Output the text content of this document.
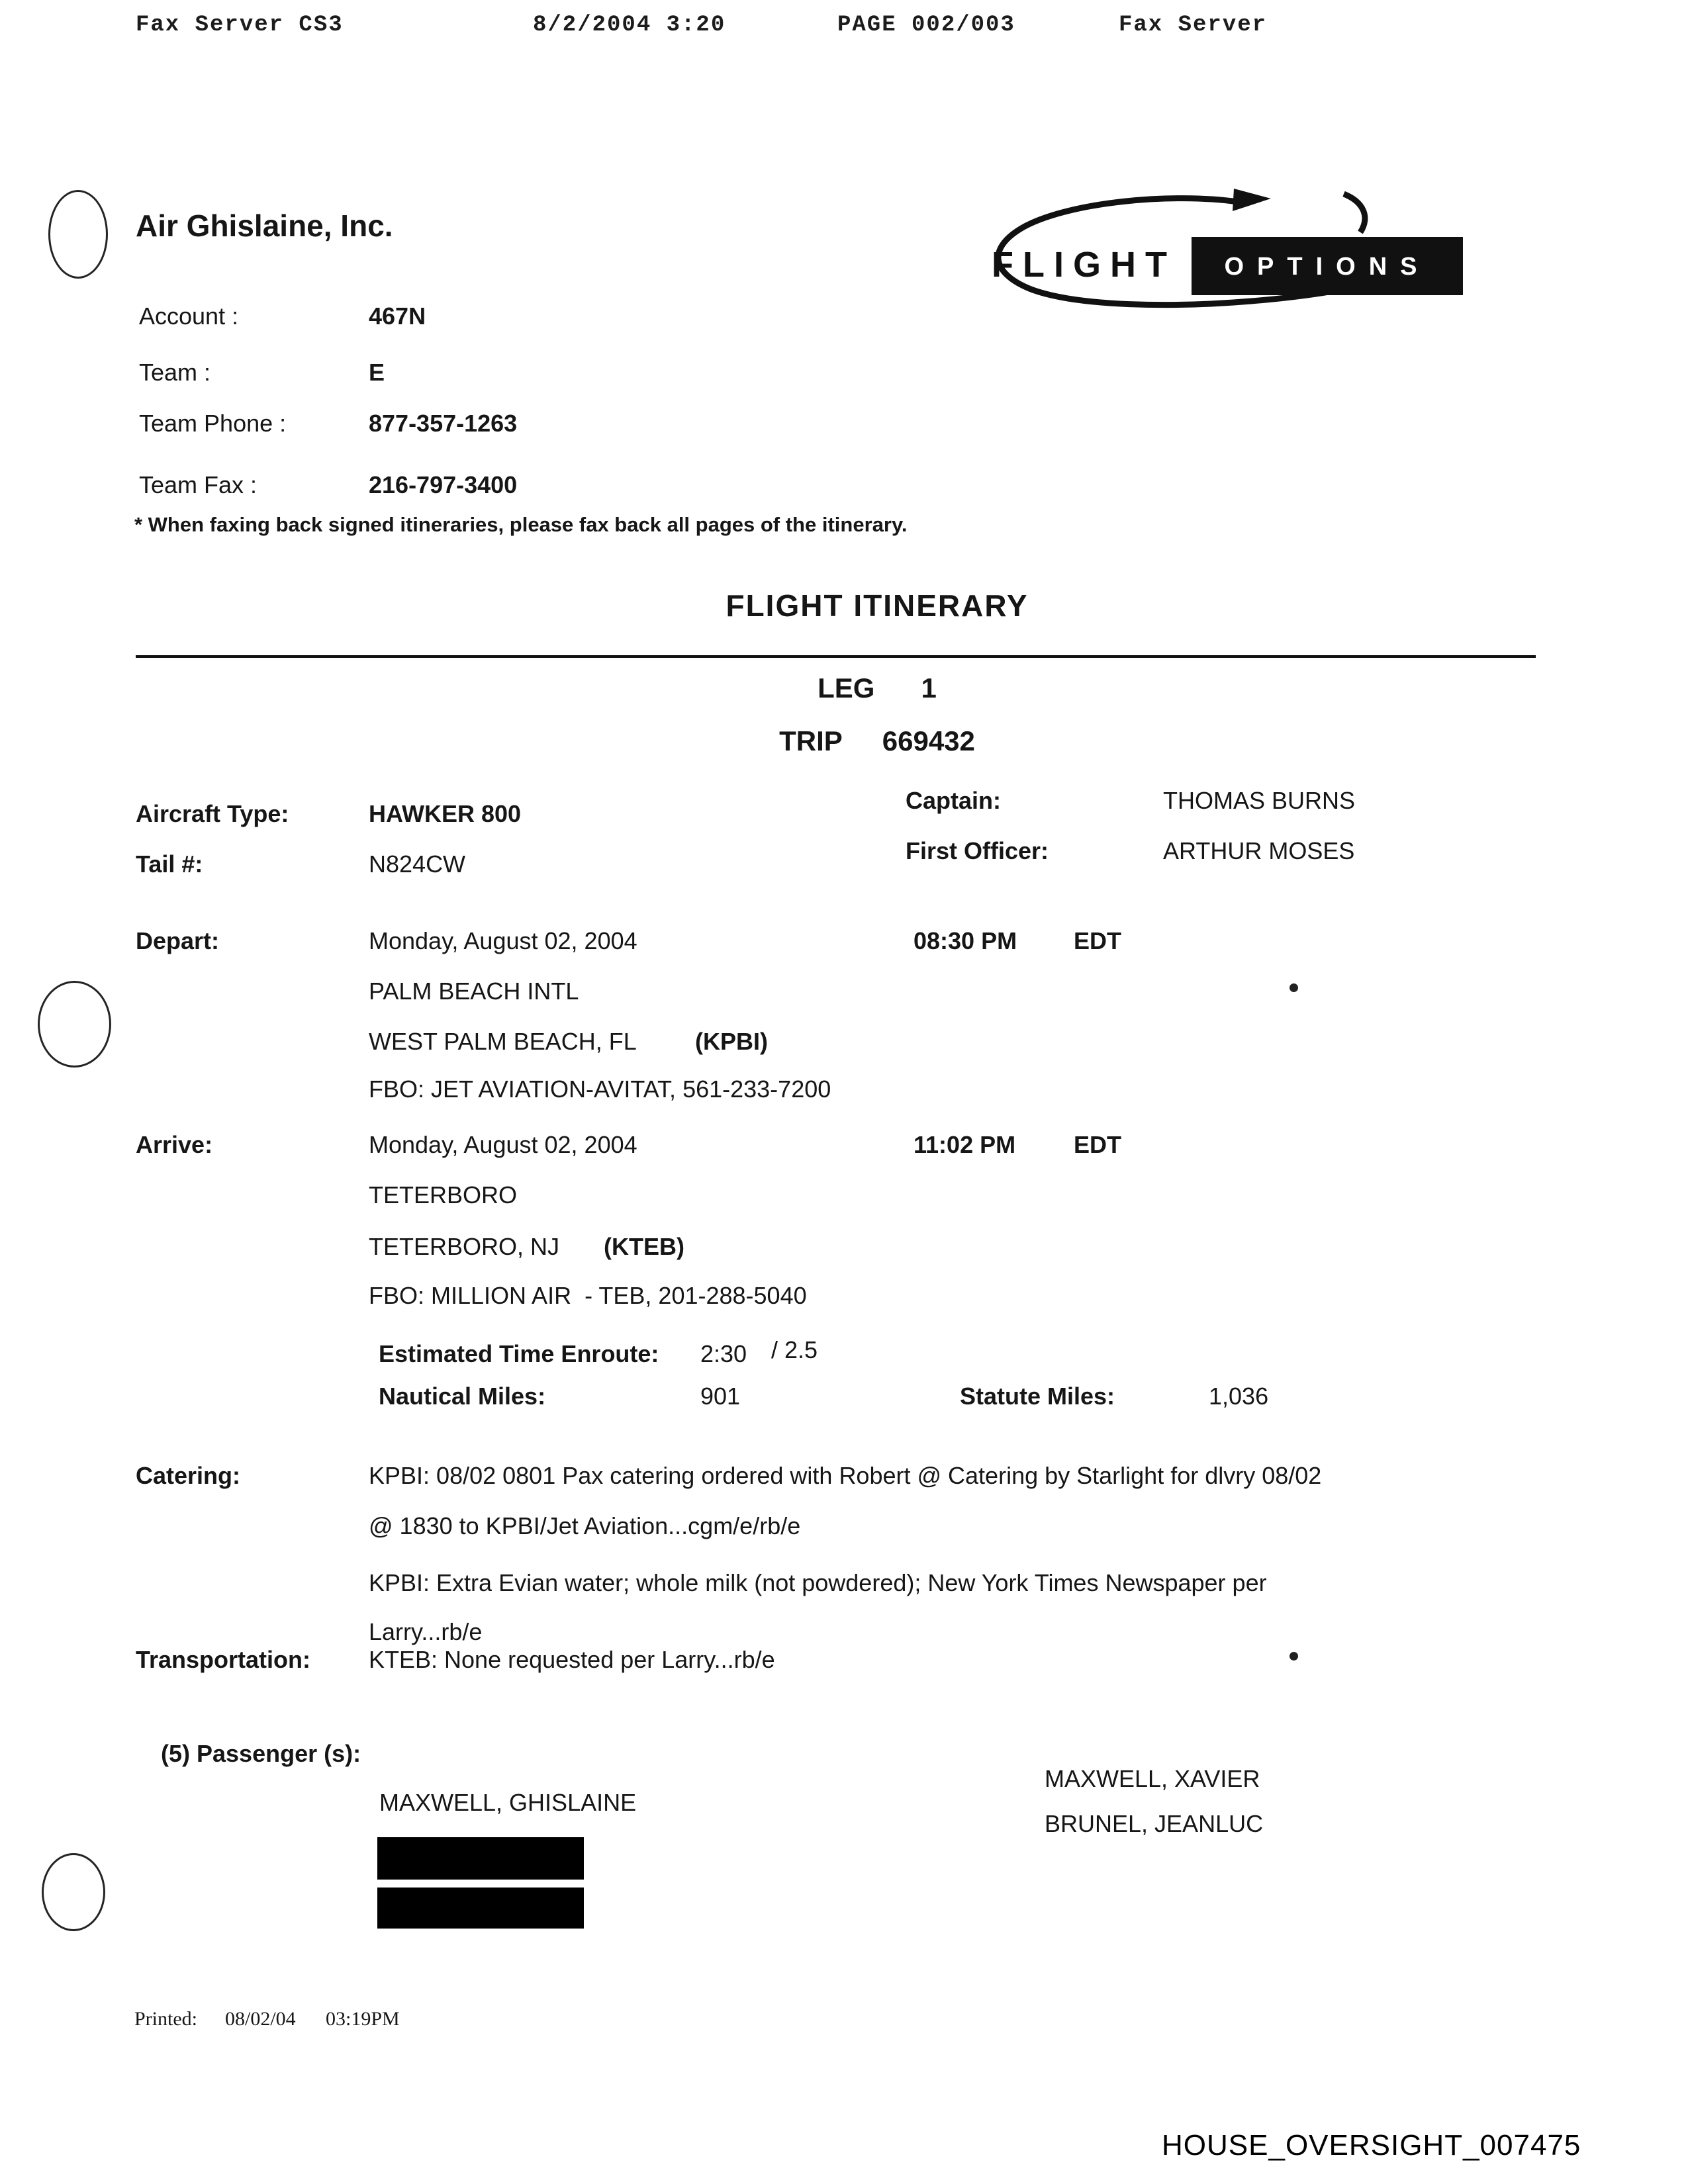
Fax Server CS3	8/2/2004 3:20	PAGE 002/003	Fax Server
Air Ghislaine, Inc.
FLIGHT OPTIONS
Account :	467N
Team :	E
Team Phone :	877-357-1263
Team Fax :	216-797-3400
* When faxing back signed itineraries, please fax back all pages of the itinerary.
FLIGHT ITINERARY
LEG 1
TRIP 669432
Aircraft Type:	HAWKER 800
Tail #:	N824CW
Captain:	THOMAS BURNS
First Officer:	ARTHUR MOSES
Depart:	Monday, August 02, 2004	08:30 PM EDT
PALM BEACH INTL
WEST PALM BEACH, FL (KPBI)
FBO: JET AVIATION-AVITAT, 561-233-7200
Arrive:	Monday, August 02, 2004	11:02 PM EDT
TETERBORO
TETERBORO, NJ (KTEB)
FBO: MILLION AIR  - TEB, 201-288-5040
Estimated Time Enroute: 2:30 / 2.5
Nautical Miles:	901	Statute Miles:	1,036
Catering:	KPBI: 08/02 0801 Pax catering ordered with Robert @ Catering by Starlight for dlvry 08/02
@ 1830 to KPBI/Jet Aviation...cgm/e/rb/e
KPBI: Extra Evian water; whole milk (not powdered); New York Times Newspaper per
Larry...rb/e
Transportation: KTEB: None requested per Larry...rb/e
(5) Passenger (s):
MAXWELL, GHISLAINE
MAXWELL, XAVIER
BRUNEL, JEANLUC
Printed: 08/02/04 03:19PM
HOUSE_OVERSIGHT_007475
